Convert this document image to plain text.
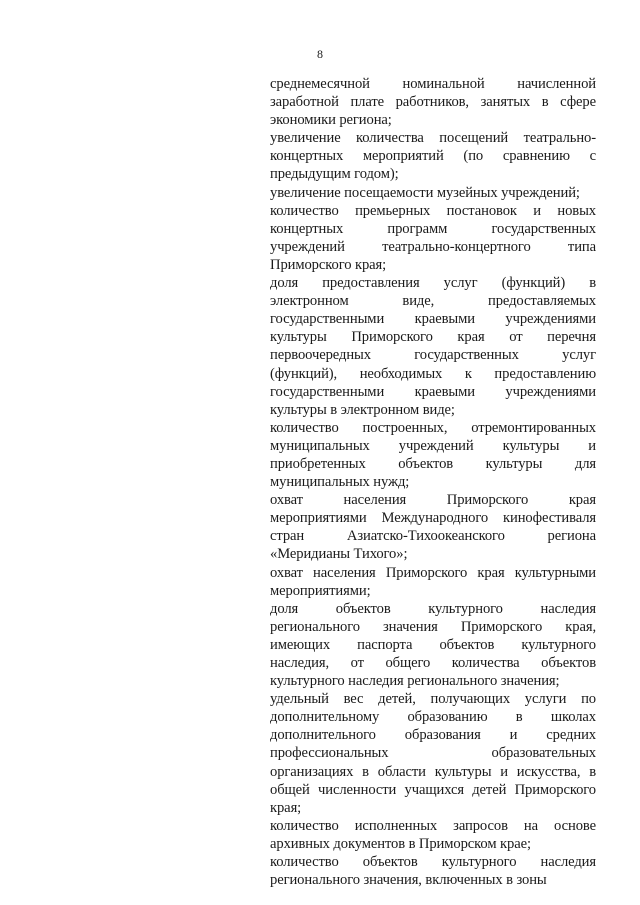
8
среднемесячной номинальной начисленной
заработной плате работников, занятых в сфере
экономики региона;
увеличение количества посещений театрально-
концертных мероприятий (по сравнению с
предыдущим годом);
увеличение посещаемости музейных учреждений;
количество премьерных постановок и новых
концертных программ государственных
учреждений театрально-концертного типа
Приморского края;
доля предоставления услуг (функций) в
электронном виде, предоставляемых
государственными краевыми учреждениями
культуры Приморского края от перечня
первоочередных государственных услуг
(функций), необходимых к предоставлению
государственными краевыми учреждениями
культуры в электронном виде;
количество построенных, отремонтированных
муниципальных учреждений культуры и
приобретенных объектов культуры для
муниципальных нужд;
охват населения Приморского края
мероприятиями Международного кинофестиваля
стран Азиатско-Тихоокеанского региона
«Меридианы Тихого»;
охват населения Приморского края культурными
мероприятиями;
доля объектов культурного наследия
регионального значения Приморского края,
имеющих паспорта объектов культурного
наследия, от общего количества объектов
культурного наследия регионального значения;
удельный вес детей, получающих услуги по
дополнительному образованию в школах
дополнительного образования и средних
профессиональных образовательных
организациях в области культуры и искусства, в
общей численности учащихся детей Приморского
края;
количество исполненных запросов на основе
архивных документов в Приморском крае;
количество объектов культурного наследия
регионального значения, включенных в зоны
